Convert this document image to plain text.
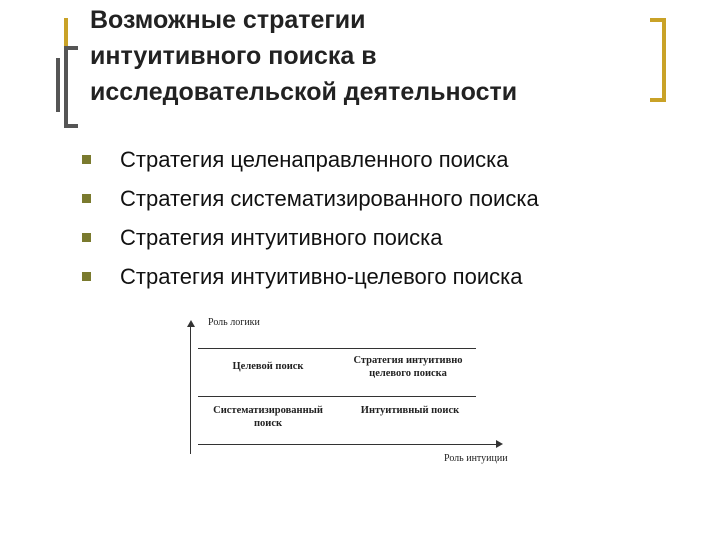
Возможные стратегии
интуитивного поиска в
исследовательской деятельности
Стратегия целенаправленного поиска
Стратегия систематизированного поиска
Стратегия интуитивного поиска
Стратегия интуитивно-целевого поиска
Роль логики
Целевой поиск
Стратегия интуитивно
целевого поиска
Систематизированный
поиск
Интуитивный поиск
Роль интуиции
